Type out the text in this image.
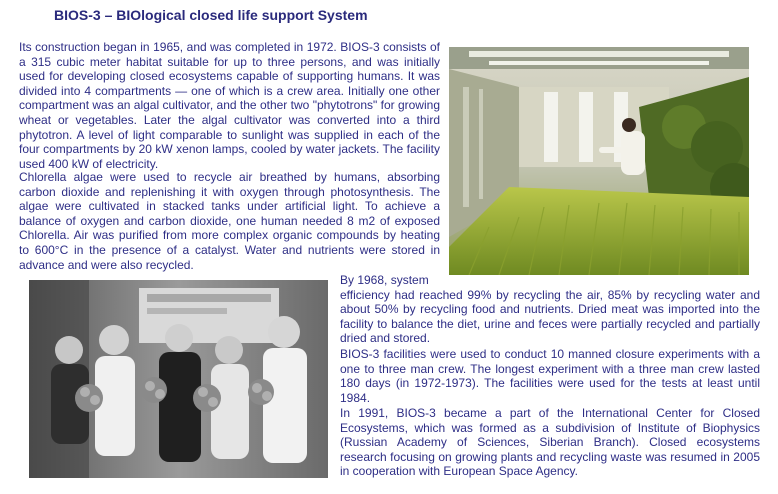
BIOS-3 – BIOlogical closed life support System

Its construction began in 1965, and was completed in 1972. BIOS-3 consists of a 315 cubic meter habitat suitable for up to three persons, and was initially used for developing closed ecosystems capable of supporting humans. It was divided into 4 compartments — one of which is a crew area. Initially one other compartment was an algal cultivator, and the other two "phytotrons" for growing wheat or vegetables. Later the algal cultivator was converted into a third phytotron. A level of light comparable to sunlight was supplied in each of the four compartments by 20 kW xenon lamps, cooled by water jackets. The facility used 400 kW of electricity.

Chlorella algae were used to recycle air breathed by humans, absorbing carbon dioxide and replenishing it with oxygen through photosynthesis. The algae were cultivated in stacked tanks under artificial light. To achieve a balance of oxygen and carbon dioxide, one human needed 8 m2 of exposed Chlorella. Air was purified from more complex organic compounds by heating to 600°C in the presence of a catalyst. Water and nutrients were stored in advance and were also recycled.

By 1968, system
efficiency had reached 99% by recycling the air, 85% by recycling water and about 50% by recycling food and nutrients. Dried meat was imported into the facility to balance the diet, urine and feces were partially recycled and partially dried and stored.

BIOS-3 facilities were used to conduct 10 manned closure experiments with a one to three man crew. The longest experiment with a three man crew lasted 180 days (in 1972-1973). The facilities were used for the tests at least until 1984.

In 1991, BIOS-3 became a part of the International Center for Closed Ecosystems, which was formed as a subdivision of Institute of Biophysics (Russian Academy of Sciences, Siberian Branch). Closed ecosystems research focusing on growing plants and recycling waste was resumed in 2005 in cooperation with European Space Agency.
